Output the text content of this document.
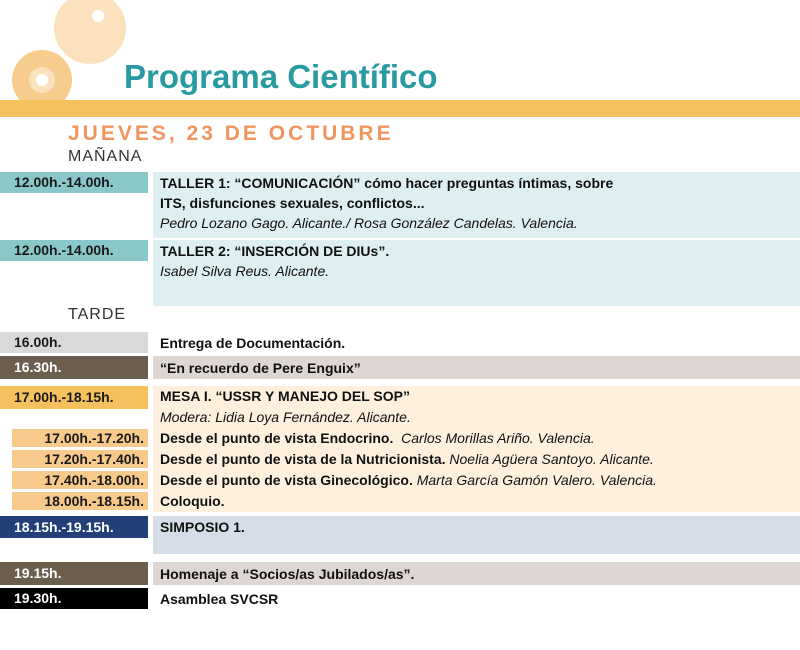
Programa Científico
JUEVES, 23 DE OCTUBRE
MAÑANA
12.00h.-14.00h.	TALLER 1: “COMUNICACIÓN” cómo hacer preguntas íntimas, sobre
ITS, disfunciones sexuales, conflictos...
Pedro Lozano Gago. Alicante./ Rosa González Candelas. Valencia.
12.00h.-14.00h.	TALLER 2: “INSERCIÓN DE DIUs”.
Isabel Silva Reus. Alicante.
TARDE
16.00h.	Entrega de Documentación.
16.30h.	“En recuerdo de Pere Enguix”
17.00h.-18.15h.	MESA I. “USSR Y MANEJO DEL SOP”
Modera: Lidia Loya Fernández. Alicante.
17.00h.-17.20h. Desde el punto de vista Endocrino. Carlos Morillas Ariño. Valencia.
17.20h.-17.40h. Desde el punto de vista de la Nutricionista. Noelia Agüera Santoyo. Alicante.
17.40h.-18.00h. Desde el punto de vista Ginecológico. Marta García Gamón Valero. Valencia.
18.00h.-18.15h. Coloquio.
18.15h.-19.15h.	SIMPOSIO 1.
19.15h.	Homenaje a “Socios/as Jubilados/as”.
19.30h.	Asamblea SVCSR
